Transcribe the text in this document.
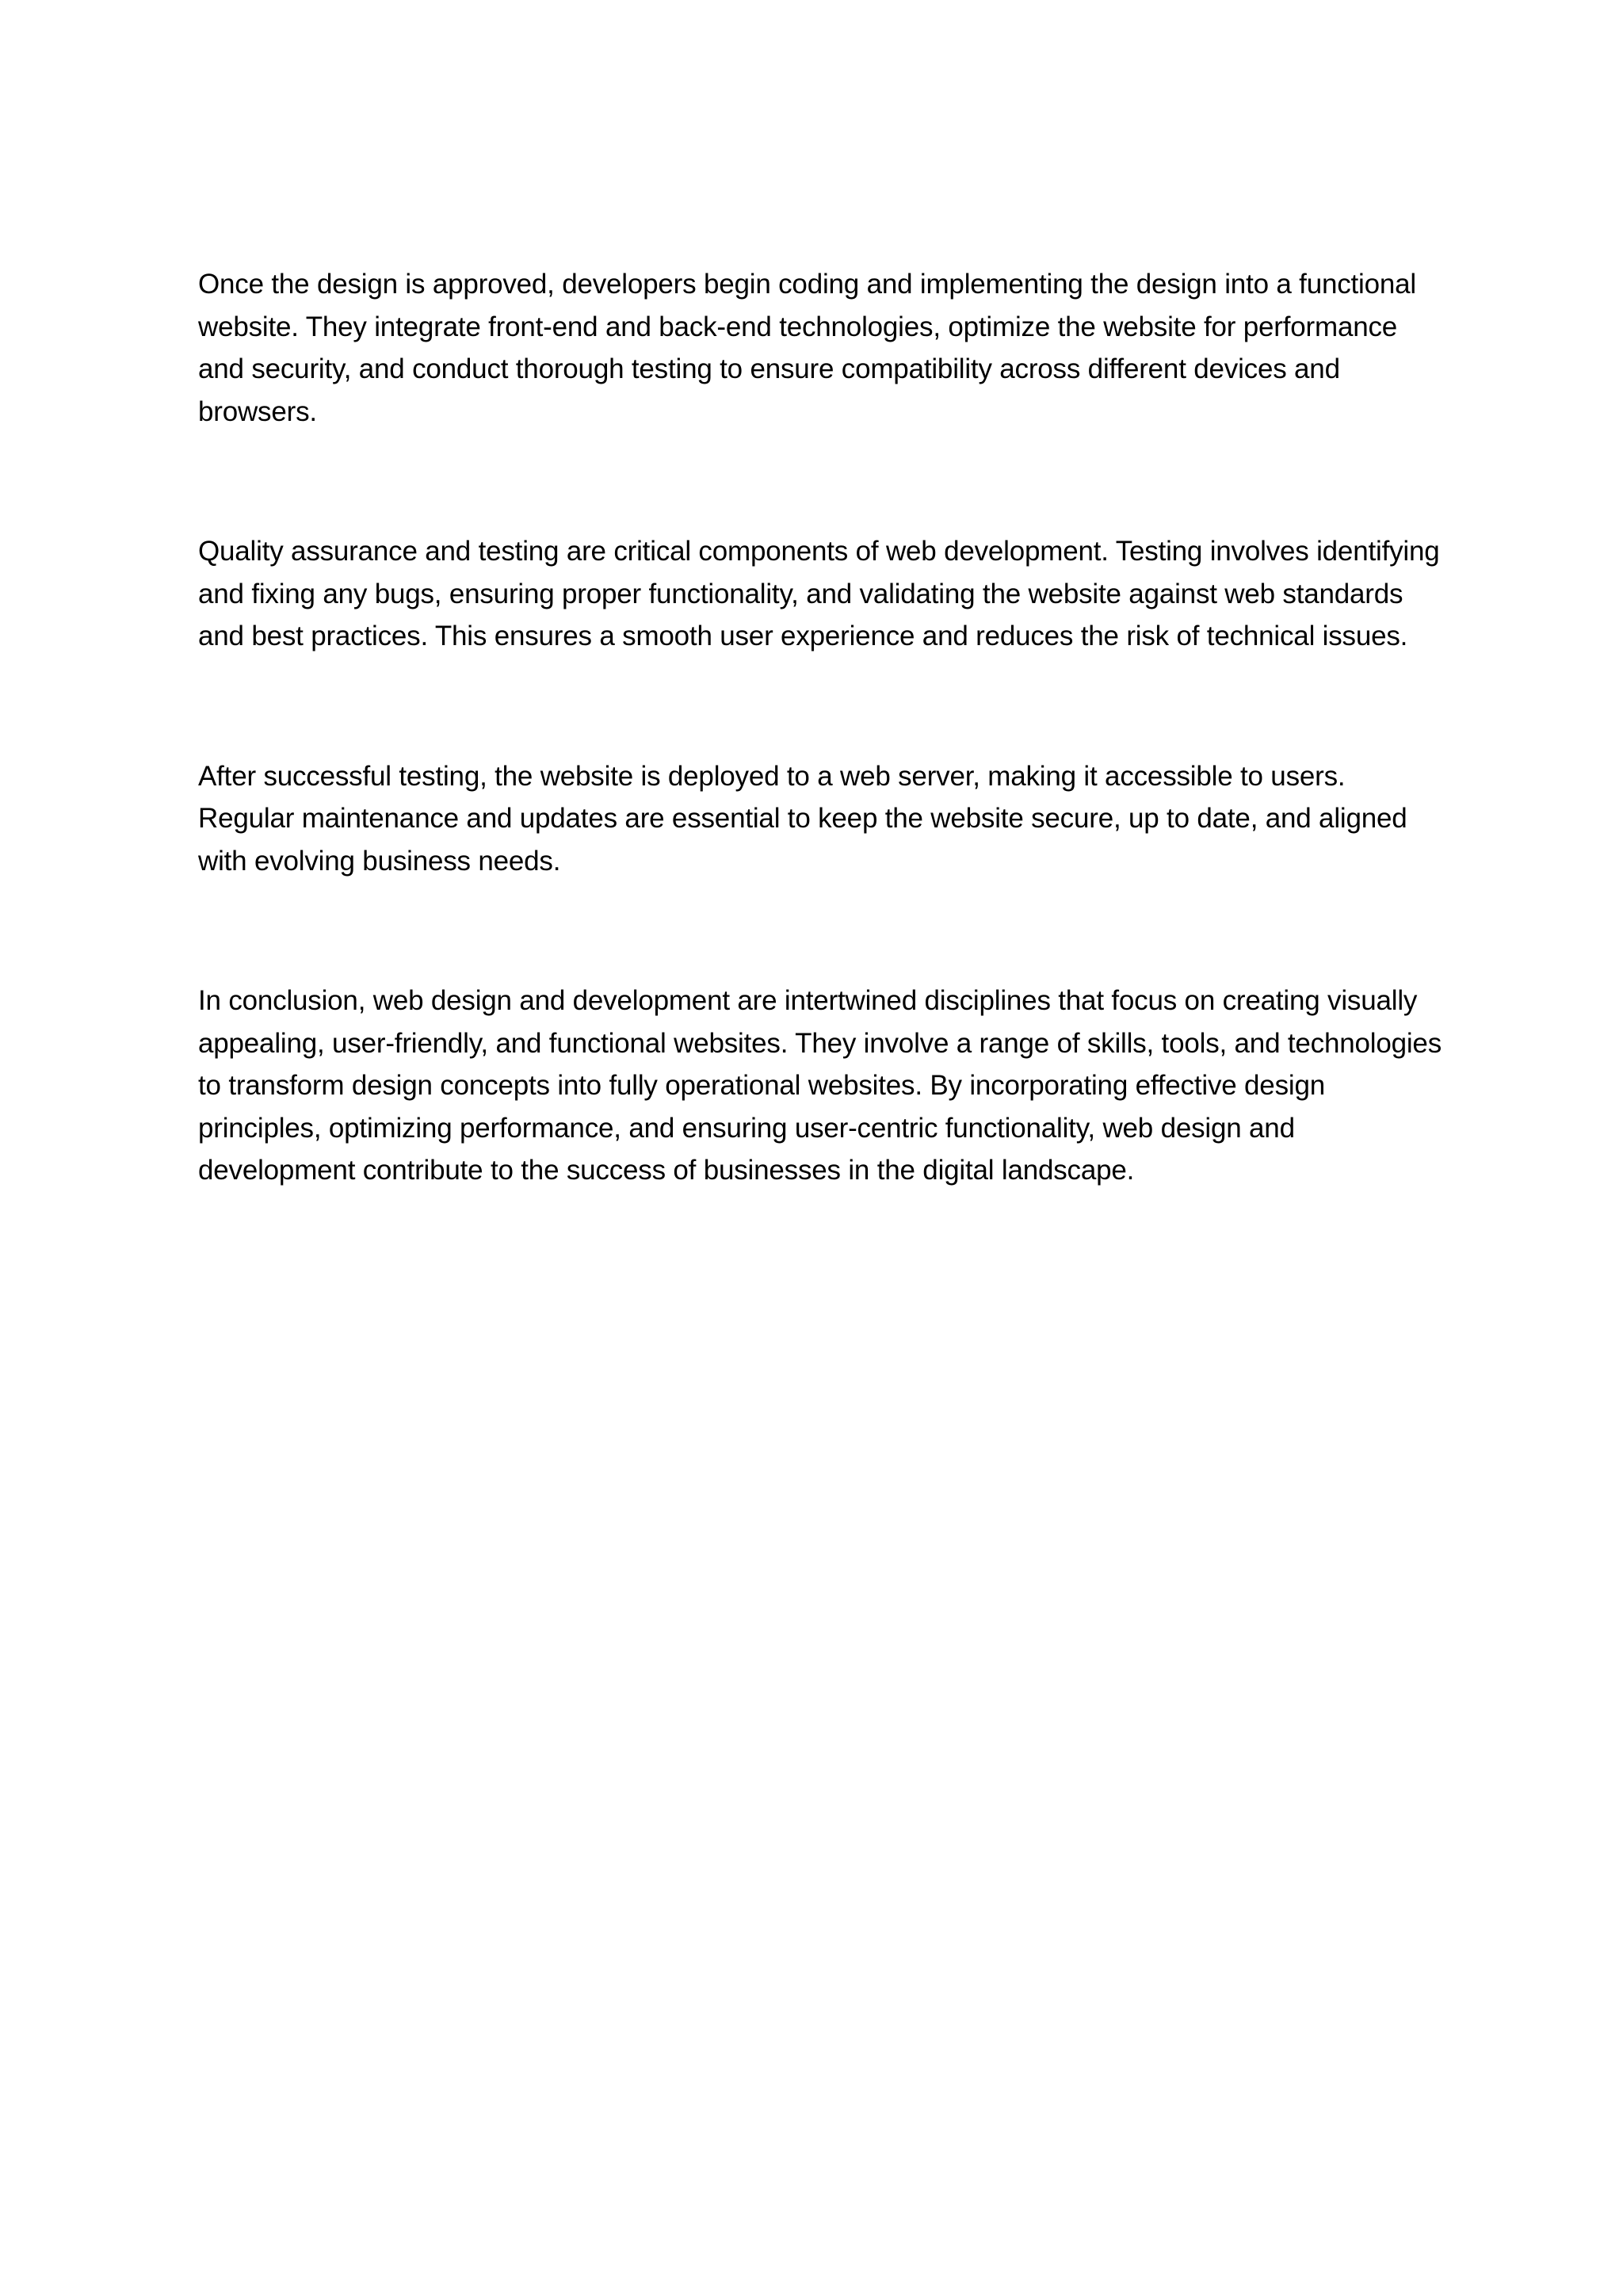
Once the design is approved, developers begin coding and implementing the design into a functional website. They integrate front-end and back-end technologies, optimize the website for performance and security, and conduct thorough testing to ensure compatibility across different devices and browsers.

Quality assurance and testing are critical components of web development. Testing involves identifying and fixing any bugs, ensuring proper functionality, and validating the website against web standards and best practices. This ensures a smooth user experience and reduces the risk of technical issues.

After successful testing, the website is deployed to a web server, making it accessible to users. Regular maintenance and updates are essential to keep the website secure, up to date, and aligned with evolving business needs.

In conclusion, web design and development are intertwined disciplines that focus on creating visually appealing, user-friendly, and functional websites. They involve a range of skills, tools, and technologies to transform design concepts into fully operational websites. By incorporating effective design principles, optimizing performance, and ensuring user-centric functionality, web design and development contribute to the success of businesses in the digital landscape.
